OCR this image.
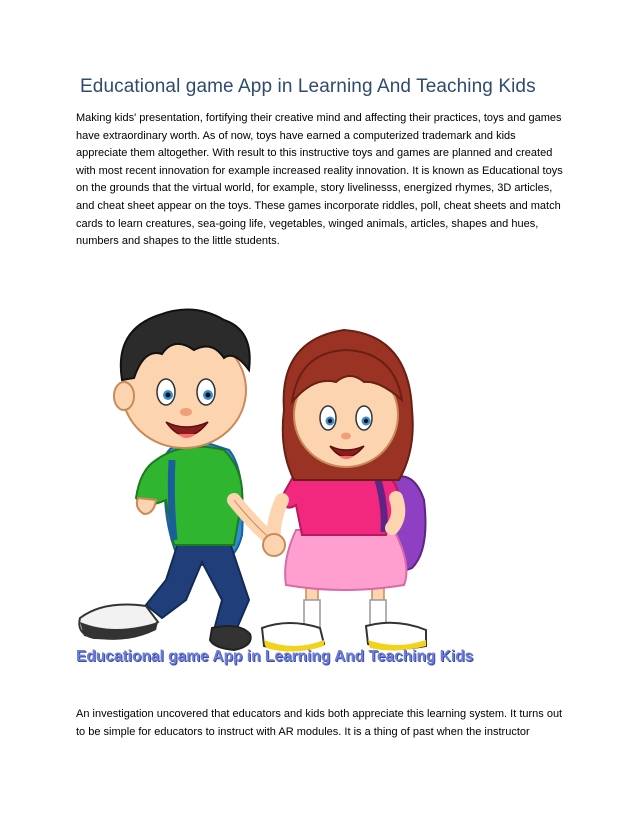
Educational game App in Learning And Teaching Kids

Making kids' presentation, fortifying their creative mind and affecting their practices, toys and games have extraordinary worth. As of now, toys have earned a computerized trademark and kids appreciate them altogether. With result to this instructive toys and games are planned and created with most recent innovation for example increased reality innovation. It is known as Educational toys on the grounds that the virtual world, for example, story livelinesss, energized rhymes, 3D articles, and cheat sheet appear on the toys. These games incorporate riddles, poll, cheat sheets and match cards to learn creatures, sea-going life, vegetables, winged animals, articles, shapes and hues, numbers and shapes to the little students.

Educational game App in Learning And Teaching Kids

An investigation uncovered that educators and kids both appreciate this learning system. It turns out to be simple for educators to instruct with AR modules. It is a thing of past when the instructor
